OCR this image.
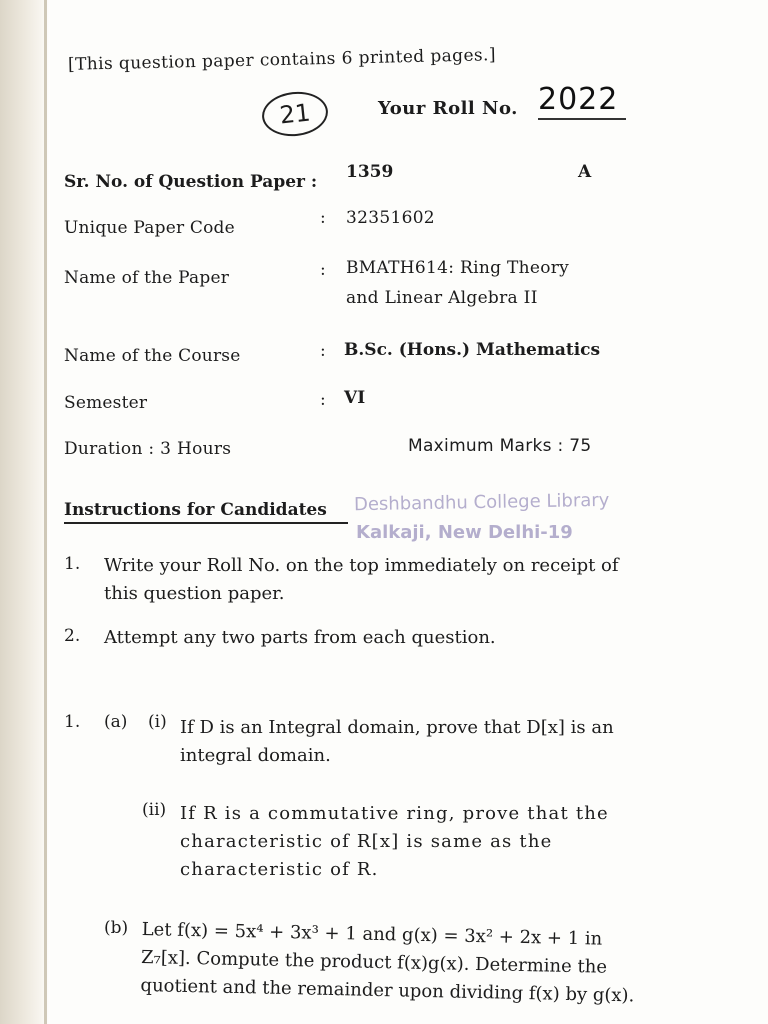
[This question paper contains 6 printed pages.]
21	Your Roll No. 2022
Sr. No. of Question Paper : 1359	A
Unique Paper Code	: 32351602
Name of the Paper	: BMATH614: Ring Theory
and Linear Algebra II
Name of the Course	: B.Sc. (Hons.) Mathematics
Semester	: VI
Duration : 3 Hours	Maximum Marks : 75
Deshbandhu College Library
Kalkaji, New Delhi-19
Instructions for Candidates
1. Write your Roll No. on the top immediately on receipt of this question paper.
2. Attempt any two parts from each question.
1. (a) (i) If D is an Integral domain, prove that D[x] is an integral domain.
(ii) If R is a commutative ring, prove that the characteristic of R[x] is same as the characteristic of R.
(b) Let f(x) = 5x⁴ + 3x³ + 1 and g(x) = 3x² + 2x + 1 in Z₇[x]. Compute the product f(x)g(x). Determine the quotient and the remainder upon dividing f(x) by g(x).
